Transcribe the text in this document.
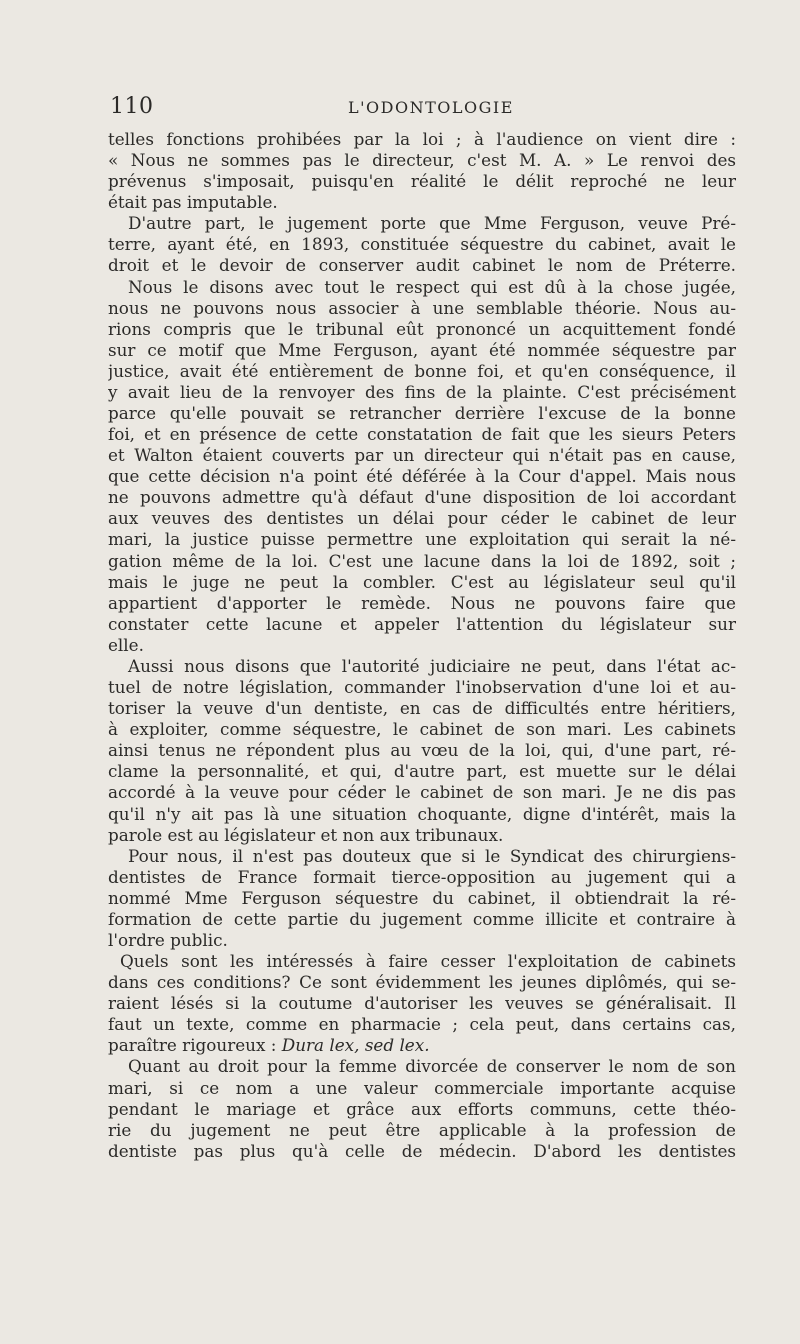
110	L'ODONTOLOGIE
telles fonctions prohibées par la loi ; à l'audience on vient dire :
« Nous ne sommes pas le directeur, c'est M. A. » Le renvoi des
prévenus s'imposait, puisqu'en réalité le délit reproché ne leur
était pas imputable.
D'autre part, le jugement porte que Mme Ferguson, veuve Pré-
terre, ayant été, en 1893, constituée séquestre du cabinet, avait le
droit et le devoir de conserver audit cabinet le nom de Préterre.
Nous le disons avec tout le respect qui est dû à la chose jugée,
nous ne pouvons nous associer à une semblable théorie. Nous au-
rions compris que le tribunal eût prononcé un acquittement fondé
sur ce motif que Mme Ferguson, ayant été nommée séquestre par
justice, avait été entièrement de bonne foi, et qu'en conséquence, il
y avait lieu de la renvoyer des fins de la plainte. C'est précisément
parce qu'elle pouvait se retrancher derrière l'excuse de la bonne
foi, et en présence de cette constatation de fait que les sieurs Peters
et Walton étaient couverts par un directeur qui n'était pas en cause,
que cette décision n'a point été déférée à la Cour d'appel. Mais nous
ne pouvons admettre qu'à défaut d'une disposition de loi accordant
aux veuves des dentistes un délai pour céder le cabinet de leur
mari, la justice puisse permettre une exploitation qui serait la né-
gation même de la loi. C'est une lacune dans la loi de 1892, soit ;
mais le juge ne peut la combler. C'est au législateur seul qu'il
appartient d'apporter le remède. Nous ne pouvons faire que
constater cette lacune et appeler l'attention du législateur sur
elle.
Aussi nous disons que l'autorité judiciaire ne peut, dans l'état ac-
tuel de notre législation, commander l'inobservation d'une loi et au-
toriser la veuve d'un dentiste, en cas de difficultés entre héritiers,
à exploiter, comme séquestre, le cabinet de son mari. Les cabinets
ainsi tenus ne répondent plus au vœu de la loi, qui, d'une part, ré-
clame la personnalité, et qui, d'autre part, est muette sur le délai
accordé à la veuve pour céder le cabinet de son mari. Je ne dis pas
qu'il n'y ait pas là une situation choquante, digne d'intérêt, mais la
parole est au législateur et non aux tribunaux.
Pour nous, il n'est pas douteux que si le Syndicat des chirurgiens-
dentistes de France formait tierce-opposition au jugement qui a
nommé Mme Ferguson séquestre du cabinet, il obtiendrait la ré-
formation de cette partie du jugement comme illicite et contraire à
l'ordre public.
Quels sont les intéressés à faire cesser l'exploitation de cabinets
dans ces conditions? Ce sont évidemment les jeunes diplômés, qui se-
raient lésés si la coutume d'autoriser les veuves se généralisait. Il
faut un texte, comme en pharmacie ; cela peut, dans certains cas,
paraître rigoureux : Dura lex, sed lex.
Quant au droit pour la femme divorcée de conserver le nom de son
mari, si ce nom a une valeur commerciale importante acquise
pendant le mariage et grâce aux efforts communs, cette théo-
rie du jugement ne peut être applicable à la profession de
dentiste pas plus qu'à celle de médecin. D'abord les dentistes
